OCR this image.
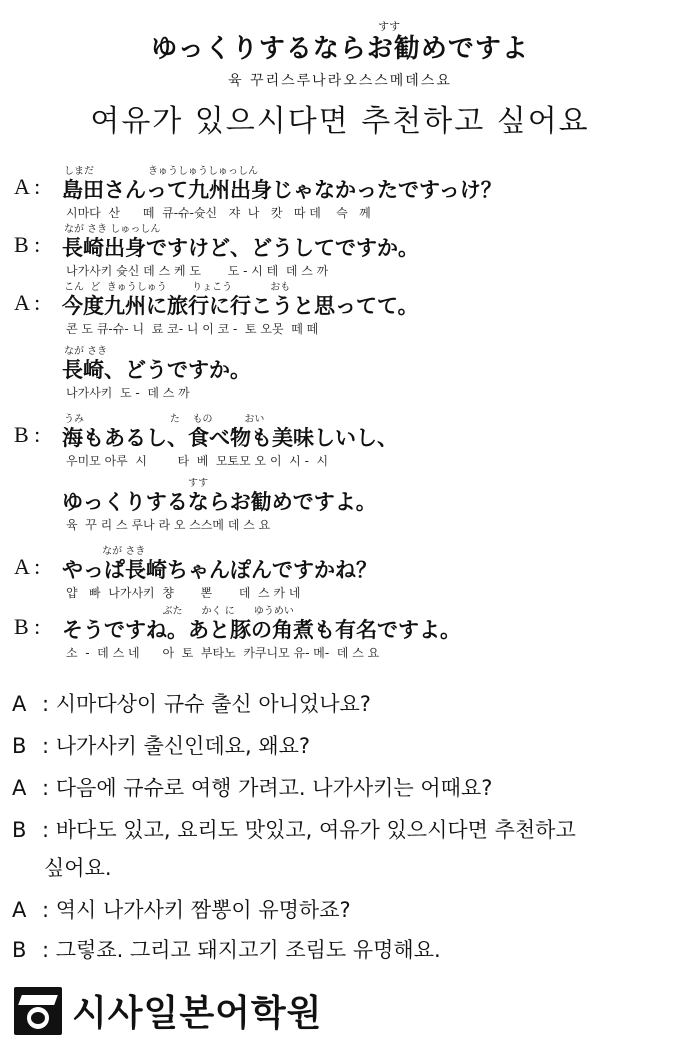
ゆっくりするならお勧めですよ
すす
육 꾸리스루나라오스스메데스요
여유가 있으시다면 추천하고 싶어요
しまだ                 きゅうしゅうしゅっしん
A : 島田さんって九州出身じゃなかったですっけ？
시마다  산      떼  큐-슈-슛신   쟈  나   캇   따 데    슥   께
なが さき しゅっしん
B : 長崎出身ですけど、どうしてですか。
나가사키 슛신 데 스 케 도       도 - 시 테  데 스 까
こん  ど  きゅうしゅう        りょこう            おも
A : 今度九州に旅行に行こうと思ってて。
콘 도 큐-슈- 니  료 코- 니 이 코 -  토 오못  떼 떼
なが さき
長崎、どうですか。
나가사키  도 -  데 스 까
うみ                           た    もの          おい
B : 海もあるし、食べ物も美味しいし、
우미모 아루  시        타  베  모토모 오 이  시 -  시
すす
ゆっくりするならお勧めですよ。
육  꾸 리 스 루나 라 오 스스메 데 스 요
なが さき
A : やっぱ長崎ちゃんぽんですかね？
얍   빠  나가사키  챵       뽄       데  스 카 네
ぶた      かく に      ゆうめい
B : そうですね。あと豚の角煮も有名ですよ。
소  -  데 스 네      아  토  부타노  카쿠니모 유- 메-  데 스 요
A : 시마다상이 규슈 출신 아니었나요?
B : 나가사키 출신인데요, 왜요?
A : 다음에 규슈로 여행 가려고. 나가사키는 어때요?
B : 바다도 있고, 요리도 맛있고, 여유가 있으시다면 추천하고
싶어요.
A : 역시 나가사키 짬뽕이 유명하죠?
B : 그렇죠. 그리고 돼지고기 조림도 유명해요.
시사일본어학원
